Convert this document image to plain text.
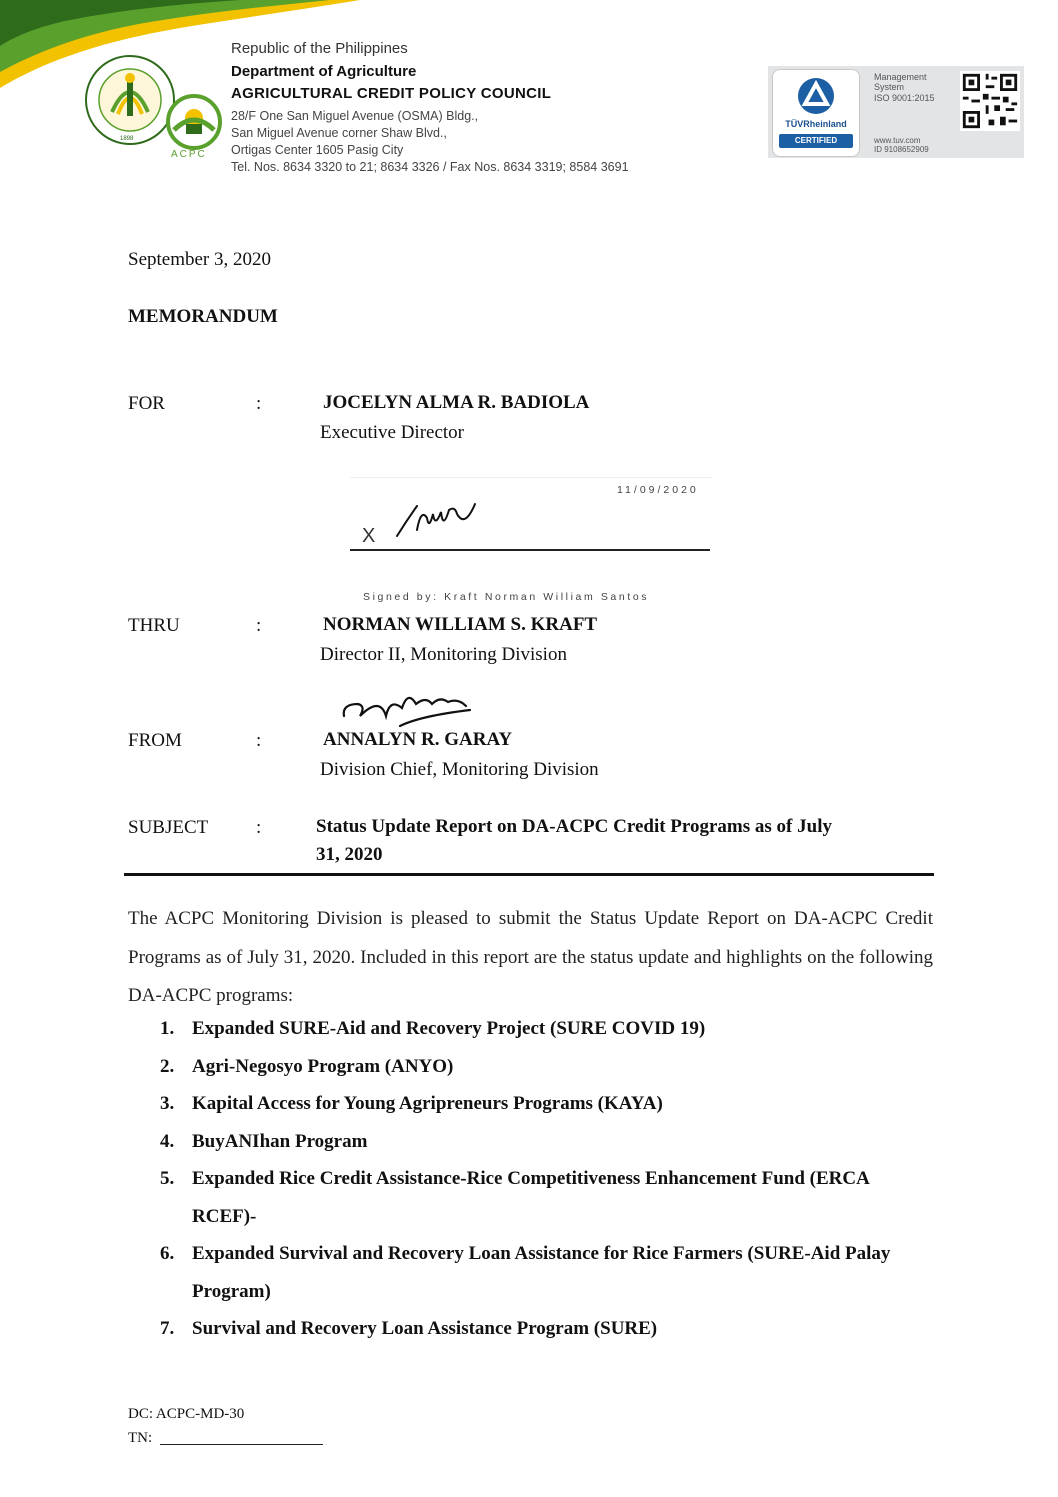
1898
ACPC
Republic of the Philippines
Department of Agriculture
AGRICULTURAL CREDIT POLICY COUNCIL
28/F One San Miguel Avenue (OSMA) Bldg.,
San Miguel Avenue corner Shaw Blvd.,
Ortigas Center 1605 Pasig City
Tel. Nos. 8634 3320 to 21; 8634 3326 / Fax Nos. 8634 3319; 8584 3691
TÜVRheinland
CERTIFIED
Management
System
ISO 9001:2015
www.tuv.com
ID 9108652909
September 3, 2020
MEMORANDUM
FOR	:	JOCELYN ALMA R. BADIOLA
Executive Director
11/09/2020
X
Signed by: Kraft Norman William Santos
THRU	:	NORMAN WILLIAM S. KRAFT
Director II, Monitoring Division
FROM	:	ANNALYN R. GARAY
Division Chief, Monitoring Division
SUBJECT	:	Status Update Report on DA-ACPC Credit Programs as of July
31, 2020
The ACPC Monitoring Division is pleased to submit the Status Update Report on DA-ACPC Credit Programs as of July 31, 2020. Included in this report are the status update and highlights on the following DA-ACPC programs:
1. Expanded SURE-Aid and Recovery Project (SURE COVID 19)
2. Agri-Negosyo Program (ANYO)
3. Kapital Access for Young Agripreneurs Programs (KAYA)
4. BuyANIhan Program
5. Expanded Rice Credit Assistance-Rice Competitiveness Enhancement Fund (ERCA RCEF)-
6. Expanded Survival and Recovery Loan Assistance for Rice Farmers (SURE-Aid Palay Program)
7. Survival and Recovery Loan Assistance Program (SURE)
DC: ACPC-MD-30
TN:
